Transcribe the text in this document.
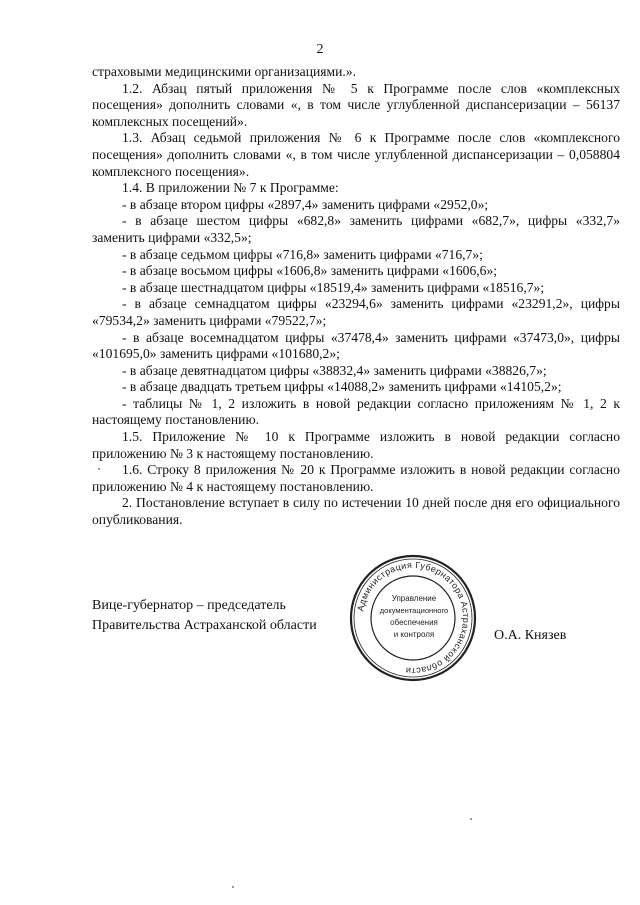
2

страховыми медицинскими организациями.».

1.2. Абзац пятый приложения № 5 к Программе после слов «комплексных посещения» дополнить словами «, в том числе углубленной диспансеризации – 56137 комплексных посещений».

1.3. Абзац седьмой приложения № 6 к Программе после слов «комплексного посещения» дополнить словами «, в том числе углубленной диспансеризации – 0,058804 комплексного посещения».

1.4. В приложении № 7 к Программе:

- в абзаце втором цифры «2897,4» заменить цифрами «2952,0»;

- в абзаце шестом цифры «682,8» заменить цифрами «682,7», цифры «332,7» заменить цифрами «332,5»;

- в абзаце седьмом цифры «716,8» заменить цифрами «716,7»;

- в абзаце восьмом цифры «1606,8» заменить цифрами «1606,6»;

- в абзаце шестнадцатом цифры «18519,4» заменить цифрами «18516,7»;

- в абзаце семнадцатом цифры «23294,6» заменить цифрами «23291,2», цифры «79534,2» заменить цифрами «79522,7»;

- в абзаце восемнадцатом цифры «37478,4» заменить цифрами «37473,0», цифры «101695,0» заменить цифрами «101680,2»;

- в абзаце девятнадцатом цифры «38832,4» заменить цифрами «38826,7»;

- в абзаце двадцать третьем цифры «14088,2» заменить цифрами «14105,2»;

- таблицы № 1, 2 изложить в новой редакции согласно приложениям № 1, 2 к настоящему постановлению.

1.5. Приложение № 10 к Программе изложить в новой редакции согласно приложению № 3 к настоящему постановлению.

1.6. Строку 8 приложения № 20 к Программе изложить в новой редакции согласно приложению № 4 к настоящему постановлению.

2. Постановление вступает в силу по истечении 10 дней после дня его официального опубликования.

Вице-губернатор – председатель
Правительства Астраханской области
Администрация Губернатора Астраханской области
Управление
документационного
обеспечения
и контроля	О.А. Князев
